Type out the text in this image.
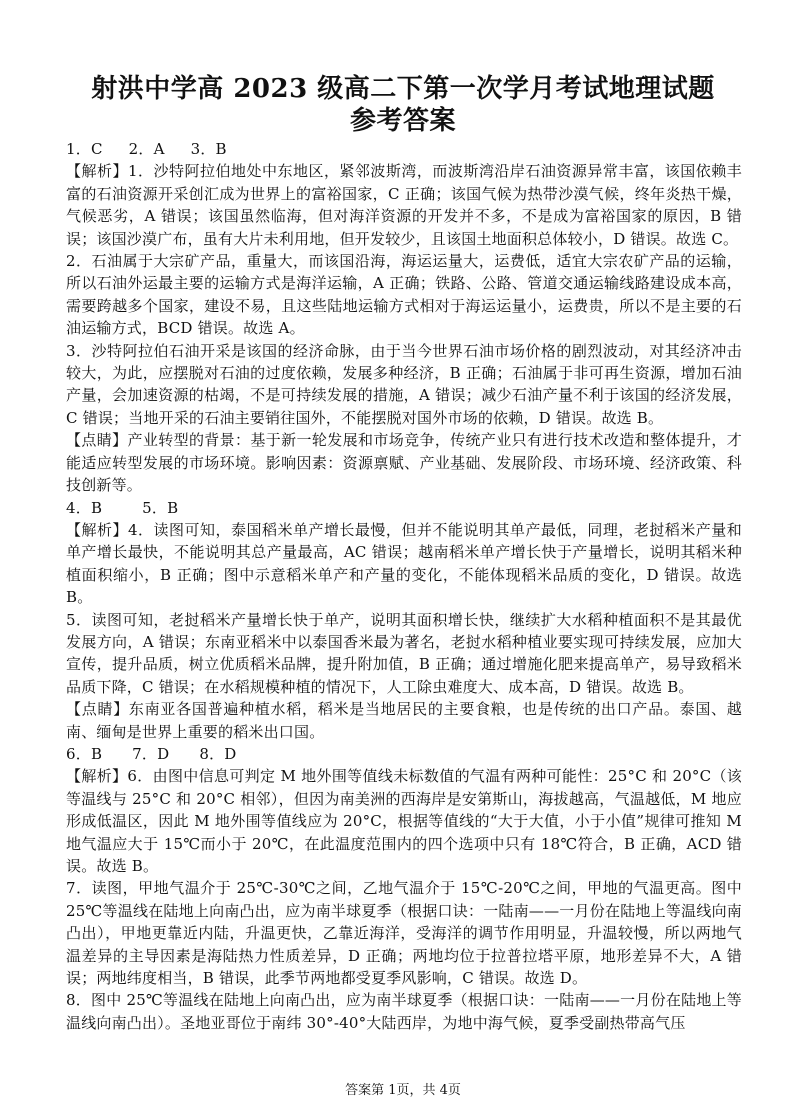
射洪中学高 2023 级高二下第一次学月考试地理试题
参考答案

1．C 2．A 3．B

【解析】1．沙特阿拉伯地处中东地区，紧邻波斯湾，而波斯湾沿岸石油资源异常丰富，该国依赖丰富的石油资源开采创汇成为世界上的富裕国家，C 正确；该国气候为热带沙漠气候，终年炎热干燥，气候恶劣，A 错误；该国虽然临海，但对海洋资源的开发并不多，不是成为富裕国家的原因，B 错误；该国沙漠广布，虽有大片未利用地，但开发较少，且该国土地面积总体较小，D 错误。故选 C。

2．石油属于大宗矿产品，重量大，而该国沿海，海运运量大，运费低，适宜大宗农矿产品的运输，所以石油外运最主要的运输方式是海洋运输，A 正确；铁路、公路、管道交通运输线路建设成本高，需要跨越多个国家，建设不易，且这些陆地运输方式相对于海运运量小，运费贵，所以不是主要的石油运输方式，BCD 错误。故选 A。

3．沙特阿拉伯石油开采是该国的经济命脉，由于当今世界石油市场价格的剧烈波动，对其经济冲击较大，为此，应摆脱对石油的过度依赖，发展多种经济，B 正确；石油属于非可再生资源，增加石油产量，会加速资源的枯竭，不是可持续发展的措施，A 错误；减少石油产量不利于该国的经济发展，C 错误；当地开采的石油主要销往国外，不能摆脱对国外市场的依赖，D 错误。故选 B。

【点睛】产业转型的背景：基于新一轮发展和市场竞争，传统产业只有进行技术改造和整体提升，才能适应转型发展的市场环境。影响因素：资源禀赋、产业基础、发展阶段、市场环境、经济政策、科技创新等。

4．B	5．B

【解析】4．读图可知，泰国稻米单产增长最慢，但并不能说明其单产最低，同理，老挝稻米产量和单产增长最快，不能说明其总产量最高，AC 错误；越南稻米单产增长快于产量增长，说明其稻米种植面积缩小，B 正确；图中示意稻米单产和产量的变化，不能体现稻米品质的变化，D 错误。故选 B。

5．读图可知，老挝稻米产量增长快于单产，说明其面积增长快，继续扩大水稻种植面积不是其最优发展方向，A 错误；东南亚稻米中以泰国香米最为著名，老挝水稻种植业要实现可持续发展，应加大宣传，提升品质，树立优质稻米品牌，提升附加值，B 正确；通过增施化肥来提高单产，易导致稻米品质下降，C 错误；在水稻规模种植的情况下，人工除虫难度大、成本高，D 错误。故选 B。

【点睛】东南亚各国普遍种植水稻，稻米是当地居民的主要食粮，也是传统的出口产品。泰国、越南、缅甸是世界上重要的稻米出口国。

6．B 7．D 8．D

【解析】6．由图中信息可判定 M 地外围等值线未标数值的气温有两种可能性：25°C 和 20°C（该等温线与 25°C 和 20°C 相邻），但因为南美洲的西海岸是安第斯山，海拔越高，气温越低，M 地应形成低温区，因此 M 地外围等值线应为 20°C，根据等值线的“大于大值，小于小值”规律可推知 M 地气温应大于 15℃而小于 20℃，在此温度范围内的四个选项中只有 18℃符合，B 正确，ACD 错误。故选 B。

7．读图，甲地气温介于 25℃-30℃之间，乙地气温介于 15℃-20℃之间，甲地的气温更高。图中 25℃等温线在陆地上向南凸出，应为南半球夏季（根据口诀：一陆南——一月份在陆地上等温线向南凸出），甲地更靠近内陆，升温更快，乙靠近海洋，受海洋的调节作用明显，升温较慢，所以两地气温差异的主导因素是海陆热力性质差异，D 正确；两地均位于拉普拉塔平原，地形差异不大，A 错误；两地纬度相当，B 错误，此季节两地都受夏季风影响，C 错误。故选 D。

8．图中 25℃等温线在陆地上向南凸出，应为南半球夏季（根据口诀：一陆南——一月份在陆地上等温线向南凸出）。圣地亚哥位于南纬 30°-40°大陆西岸，为地中海气候，夏季受副热带高气压

答案第 1页，共 4页
